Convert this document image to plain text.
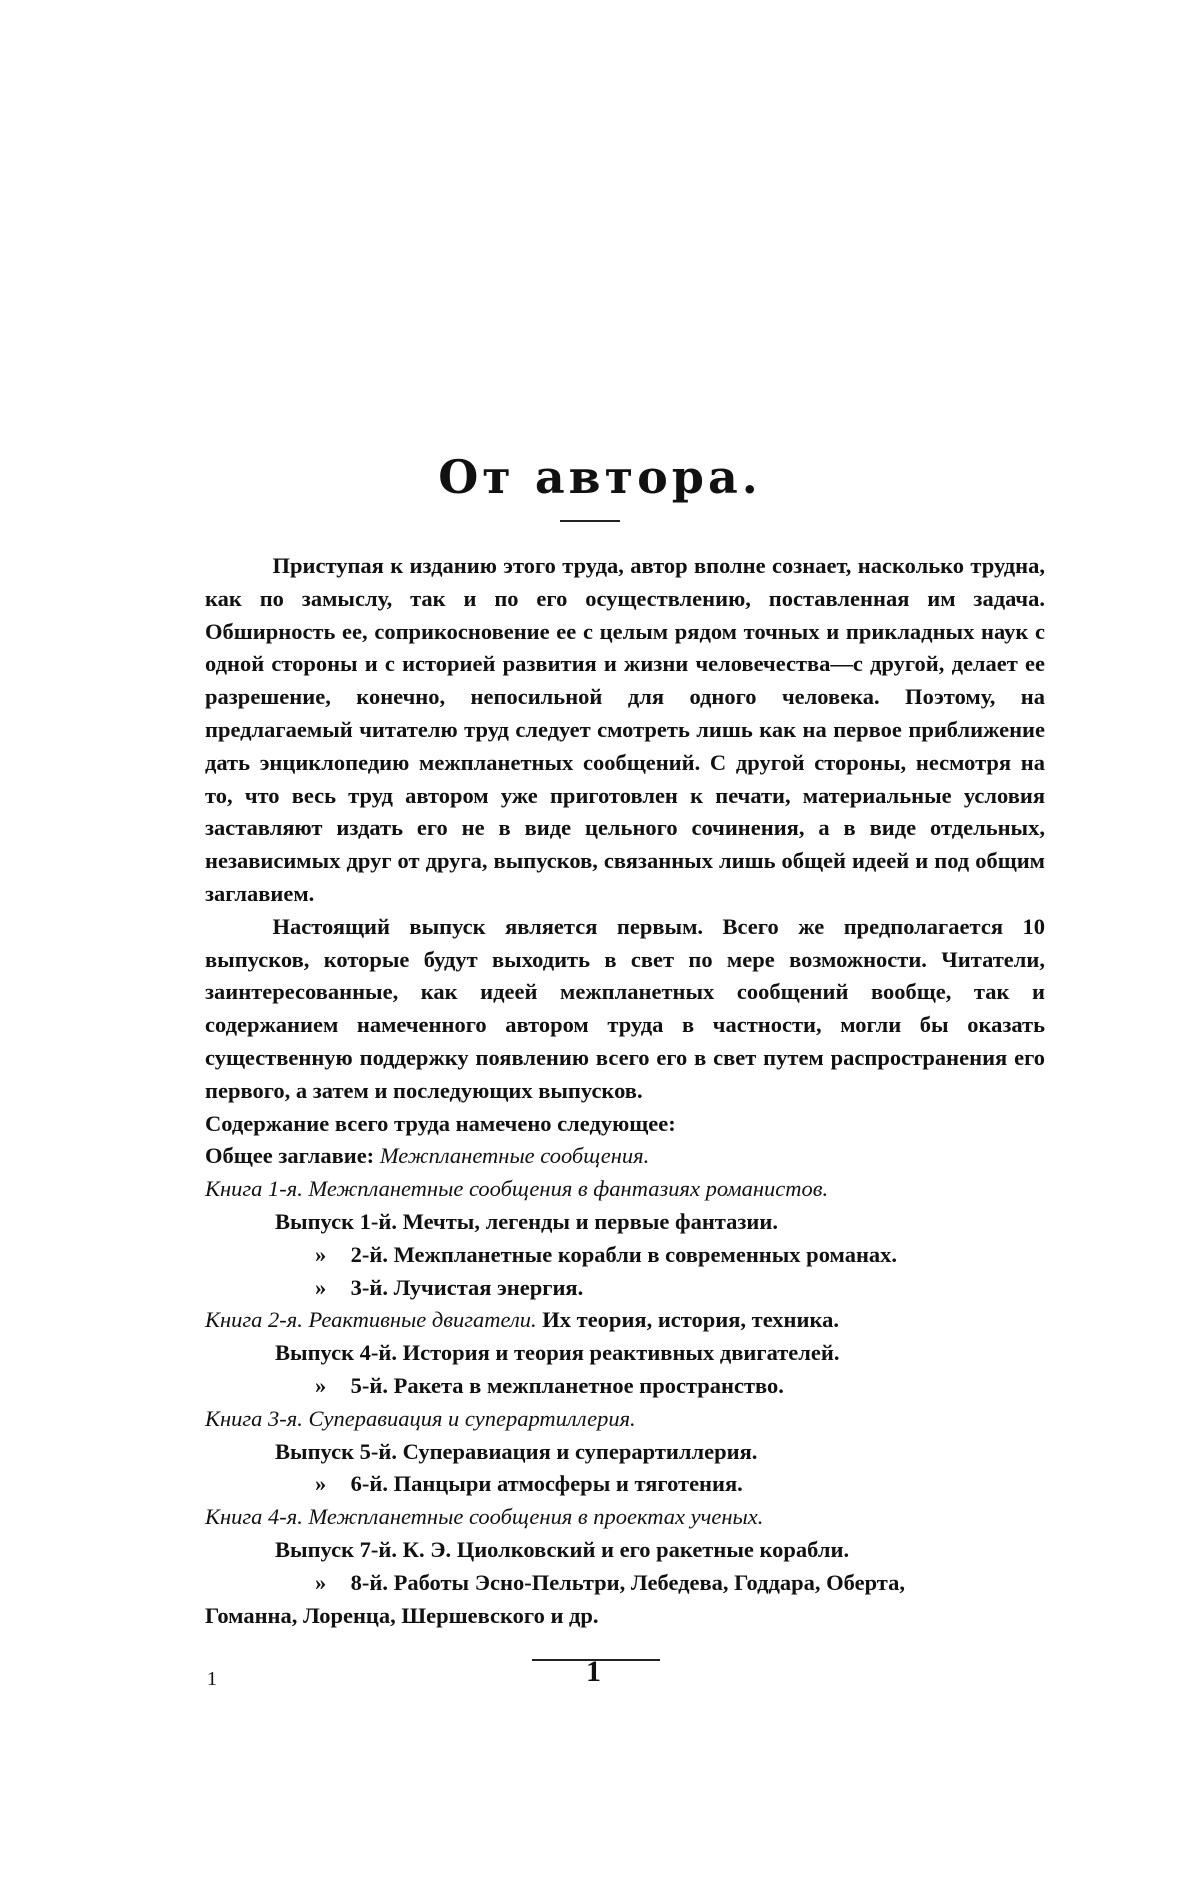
От автора.

Приступая к изданию этого труда, автор вполне сознает, насколько трудна, как по замыслу, так и по его осуществлению, поставленная им задача. Обширность ее, соприкосновение ее с целым рядом точных и прикладных наук с одной стороны и с историей развития и жизни человечества—с другой, делает ее разрешение, конечно, непосильной для одного человека. Поэтому, на предлагаемый читателю труд следует смотреть лишь как на первое приближение дать энциклопедию межпланетных сообщений. С другой стороны, несмотря на то, что весь труд автором уже приготовлен к печати, материальные условия заставляют издать его не в виде цельного сочинения, а в виде отдельных, независимых друг от друга, выпусков, связанных лишь общей идеей и под общим заглавием.

Настоящий выпуск является первым. Всего же предполагается 10 выпусков, которые будут выходить в свет по мере возможности. Читатели, заинтересованные, как идеей межпланетных сообщений вообще, так и содержанием намеченного автором труда в частности, могли бы оказать существенную поддержку появлению всего его в свет путем распространения его первого, а затем и последующих выпусков.

Содержание всего труда намечено следующее:
Общее заглавие: Межпланетные сообщения.
Книга 1-я. Межпланетные сообщения в фантазиях романистов.
Выпуск 1-й. Мечты, легенды и первые фантазии.
» 2-й. Межпланетные корабли в современных романах.
» 3-й. Лучистая энергия.
Книга 2-я. Реактивные двигатели. Их теория, история, техника.
Выпуск 4-й. История и теория реактивных двигателей.
» 5-й. Ракета в межпланетное пространство.
Книга 3-я. Суперавиация и суперартиллерия.
Выпуск 5-й. Суперавиация и суперартиллерия.
» 6-й. Панцыри атмосферы и тяготения.
Книга 4-я. Межпланетные сообщения в проектах ученых.
Выпуск 7-й. К. Э. Циолковский и его ракетные корабли.
» 8-й. Работы Эсно-Пельтри, Лебедева, Годдара, Оберта,
Гоманна, Лоренца, Шершевского и др.
1	1
